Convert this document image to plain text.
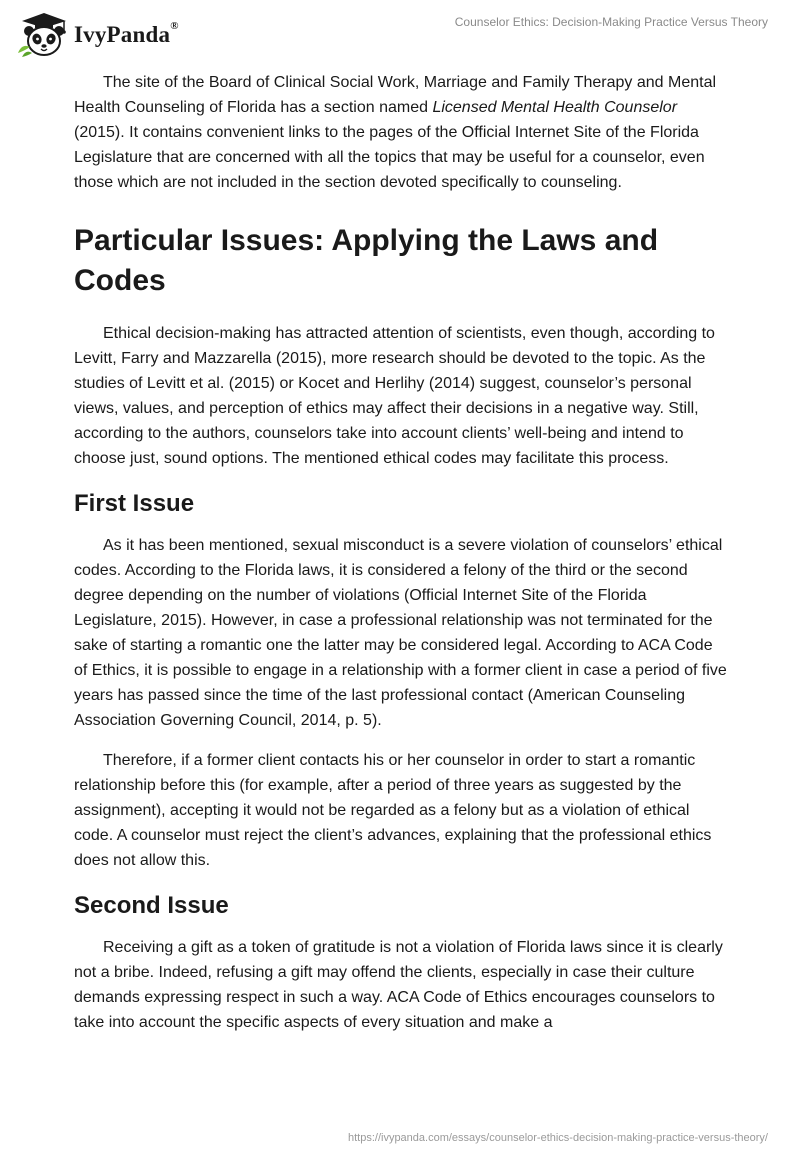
IvyPanda®	Counselor Ethics: Decision-Making Practice Versus Theory

The site of the Board of Clinical Social Work, Marriage and Family Therapy and Mental Health Counseling of Florida has a section named Licensed Mental Health Counselor (2015). It contains convenient links to the pages of the Official Internet Site of the Florida Legislature that are concerned with all the topics that may be useful for a counselor, even those which are not included in the section devoted specifically to counseling.

Particular Issues: Applying the Laws and Codes

Ethical decision-making has attracted attention of scientists, even though, according to Levitt, Farry and Mazzarella (2015), more research should be devoted to the topic. As the studies of Levitt et al. (2015) or Kocet and Herlihy (2014) suggest, counselor’s personal views, values, and perception of ethics may affect their decisions in a negative way. Still, according to the authors, counselors take into account clients’ well-being and intend to choose just, sound options. The mentioned ethical codes may facilitate this process.

First Issue

As it has been mentioned, sexual misconduct is a severe violation of counselors’ ethical codes. According to the Florida laws, it is considered a felony of the third or the second degree depending on the number of violations (Official Internet Site of the Florida Legislature, 2015). However, in case a professional relationship was not terminated for the sake of starting a romantic one the latter may be considered legal. According to ACA Code of Ethics, it is possible to engage in a relationship with a former client in case a period of five years has passed since the time of the last professional contact (American Counseling Association Governing Council, 2014, p. 5).

Therefore, if a former client contacts his or her counselor in order to start a romantic relationship before this (for example, after a period of three years as suggested by the assignment), accepting it would not be regarded as a felony but as a violation of ethical code. A counselor must reject the client’s advances, explaining that the professional ethics does not allow this.

Second Issue

Receiving a gift as a token of gratitude is not a violation of Florida laws since it is clearly not a bribe. Indeed, refusing a gift may offend the clients, especially in case their culture demands expressing respect in such a way. ACA Code of Ethics encourages counselors to take into account the specific aspects of every situation and make a

https://ivypanda.com/essays/counselor-ethics-decision-making-practice-versus-theory/
